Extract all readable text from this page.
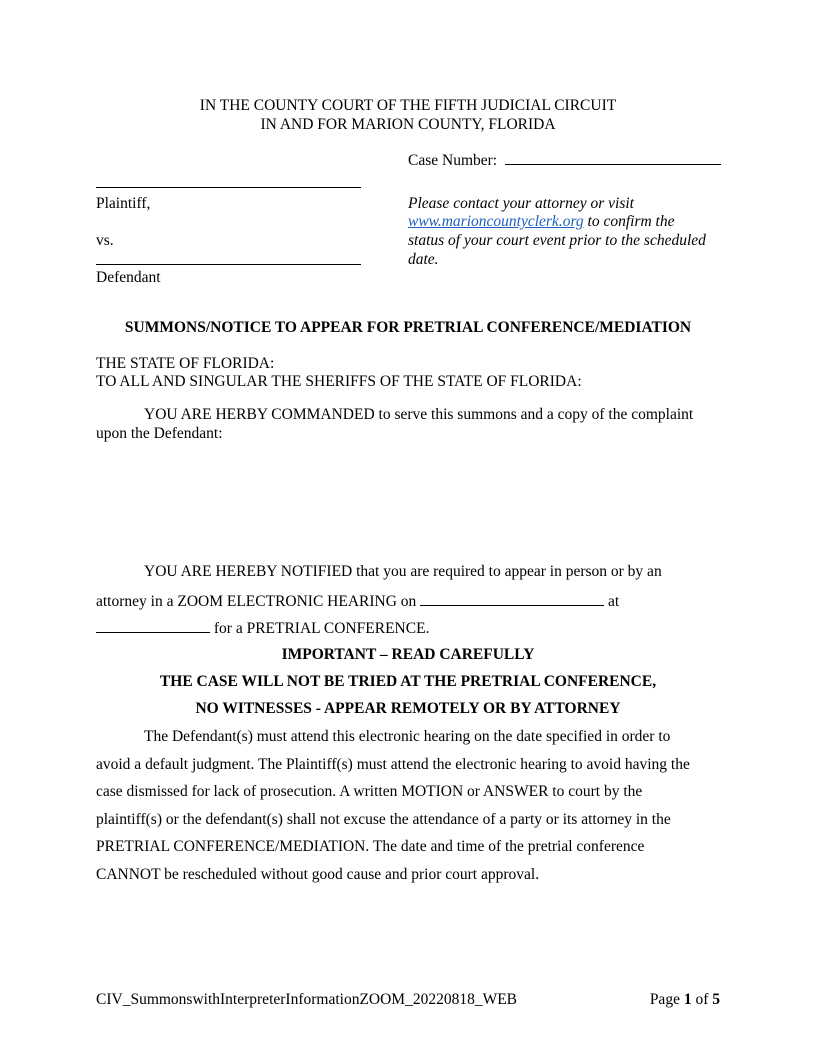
IN THE COUNTY COURT OF THE FIFTH JUDICIAL CIRCUIT
IN AND FOR MARION COUNTY, FLORIDA
Case Number:
Plaintiff,
vs.
Defendant
Please contact your attorney or visit
www.marioncountyclerk.org to confirm the
status of your court event prior to the scheduled
date.
SUMMONS/NOTICE TO APPEAR FOR PRETRIAL CONFERENCE/MEDIATION
THE STATE OF FLORIDA:
TO ALL AND SINGULAR THE SHERIFFS OF THE STATE OF FLORIDA:
YOU ARE HERBY COMMANDED to serve this summons and a copy of the complaint
upon the Defendant:
YOU ARE HEREBY NOTIFIED that you are required to appear in person or by an
attorney in a ZOOM ELECTRONIC HEARING on	at
for a PRETRIAL CONFERENCE.
IMPORTANT – READ CAREFULLY
THE CASE WILL NOT BE TRIED AT THE PRETRIAL CONFERENCE,
NO WITNESSES - APPEAR REMOTELY OR BY ATTORNEY
The Defendant(s) must attend this electronic hearing on the date specified in order to
avoid a default judgment. The Plaintiff(s) must attend the electronic hearing to avoid having the
case dismissed for lack of prosecution. A written MOTION or ANSWER to court by the
plaintiff(s) or the defendant(s) shall not excuse the attendance of a party or its attorney in the
PRETRIAL CONFERENCE/MEDIATION. The date and time of the pretrial conference
CANNOT be rescheduled without good cause and prior court approval.
CIV_SummonswithInterpreterInformationZOOM_20220818_WEB	Page 1 of 5
